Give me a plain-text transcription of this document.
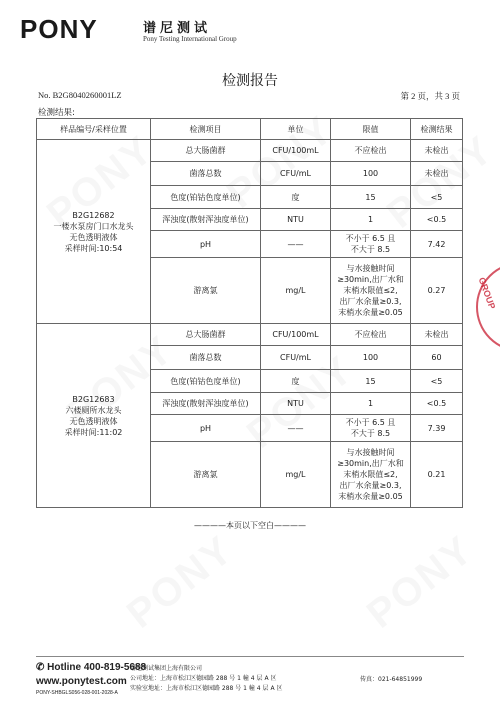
PONY	谱尼测试
Pony Testing International Group
检测报告
No. B2G8040260001LZ	第 2 页，共 3 页
检测结果:
样品编号/采样位置	检测项目	单位	限值	检测结果

B2G12682
一楼水泵房门口水龙头
无色透明液体
采样时间:10:54	总大肠菌群	CFU/100mL	不应检出	未检出
	菌落总数	CFU/mL	100	未检出
	色度(铂钴色度单位)	度	15	<5
	浑浊度(散射浑浊度单位)	NTU	1	<0.5
	pH	——	不小于 6.5 且
不大于 8.5	7.42
	游离氯	mg/L	与水接触时间
≥30min,出厂水和
末梢水限值≤2,
出厂水余量≥0.3,
末梢水余量≥0.05	0.27

B2G12683
六楼厕所水龙头
无色透明液体
采样时间:11:02	总大肠菌群	CFU/100mL	不应检出	未检出
	菌落总数	CFU/mL	100	60
	色度(铂钴色度单位)	度	15	<5
	浑浊度(散射浑浊度单位)	NTU	1	<0.5
	pH	——	不小于 6.5 且
不大于 8.5	7.39
	游离氯	mg/L	与水接触时间
≥30min,出厂水和
末梢水限值≤2,
出厂水余量≥0.3,
末梢水余量≥0.05	0.21
————本页以下空白————
GROUP
✆ Hotline 400-819-5688
www.ponytest.com
PONY-SHBGLS056-028-001-2028-A
谱尼测试集团上海有限公司
公司地址：上海市松江区德园路 288 号 1 幢 4 层 A 区
实验室地址：上海市松江区德园路 288 号 1 幢 4 层 A 区
传真：021-64851999
